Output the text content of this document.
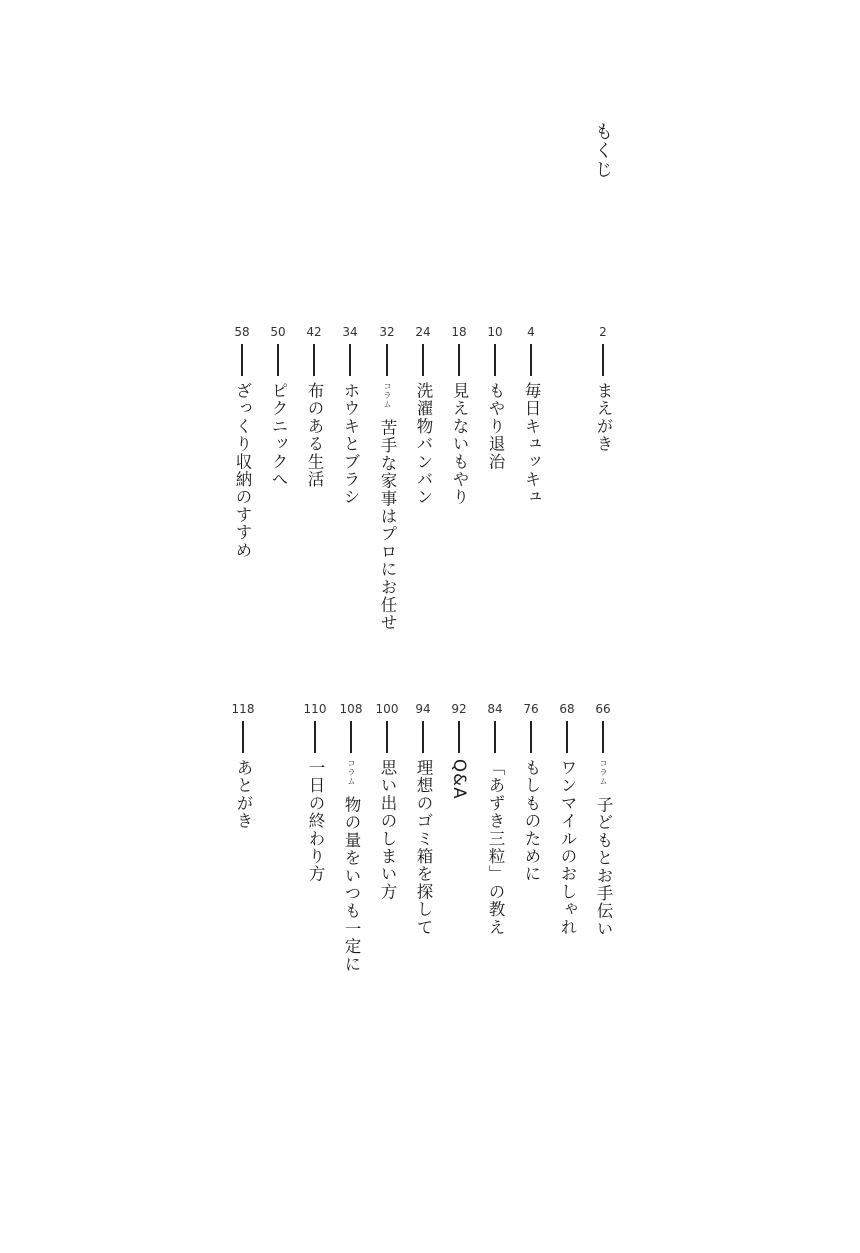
もくじ
2
まえがき
4
毎日キュッキュ
10
もやり退治
18
見えないもやり
24
洗濯物バンバン
32
コラム
苦手な家事はプロにお任せ
34
ホウキとブラシ
42
布のある生活
50
ピクニックへ
58
ざっくり収納のすすめ
66
コラム
子どもとお手伝い
68
ワンマイルのおしゃれ
76
もしものために
84
「あずき三粒」の教え
92
Q&A
94
理想のゴミ箱を探して
100
思い出のしまい方
108
コラム
物の量をいつも一定に
110
一日の終わり方
118
あとがき
